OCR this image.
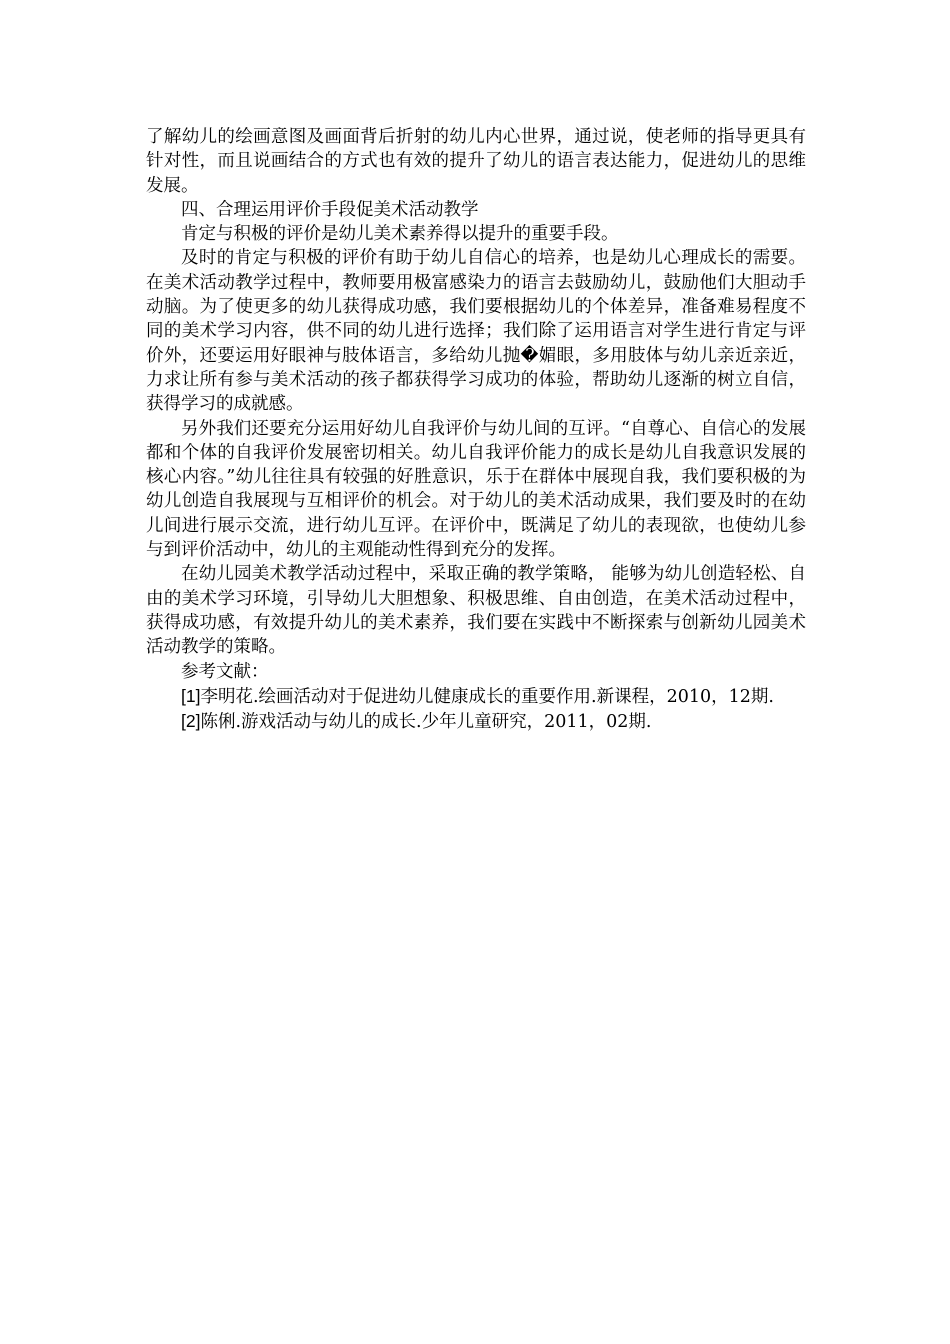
了解幼儿的绘画意图及画面背后折射的幼儿内心世界，通过说，使老师的指导更具有针对性，而且说画结合的方式也有效的提升了幼儿的语言表达能力，促进幼儿的思维发展。

四、合理运用评价手段促美术活动教学

肯定与积极的评价是幼儿美术素养得以提升的重要手段。

及时的肯定与积极的评价有助于幼儿自信心的培养，也是幼儿心理成长的需要。在美术活动教学过程中，教师要用极富感染力的语言去鼓励幼儿，鼓励他们大胆动手动脑。为了使更多的幼儿获得成功感，我们要根据幼儿的个体差异，准备难易程度不同的美术学习内容，供不同的幼儿进行选择；我们除了运用语言对学生进行肯定与评价外，还要运用好眼神与肢体语言，多给幼儿抛�媚眼，多用肢体与幼儿亲近亲近，力求让所有参与美术活动的孩子都获得学习成功的体验，帮助幼儿逐渐的树立自信，获得学习的成就感。

另外我们还要充分运用好幼儿自我评价与幼儿间的互评。“自尊心、自信心的发展都和个体的自我评价发展密切相关。幼儿自我评价能力的成长是幼儿自我意识发展的核心内容。”幼儿往往具有较强的好胜意识，乐于在群体中展现自我，我们要积极的为幼儿创造自我展现与互相评价的机会。对于幼儿的美术活动成果，我们要及时的在幼儿间进行展示交流，进行幼儿互评。在评价中，既满足了幼儿的表现欲，也使幼儿参与到评价活动中，幼儿的主观能动性得到充分的发挥。

在幼儿园美术教学活动过程中，采取正确的教学策略， 能够为幼儿创造轻松、自由的美术学习环境，引导幼儿大胆想象、积极思维、自由创造，在美术活动过程中，获得成功感，有效提升幼儿的美术素养，我们要在实践中不断探索与创新幼儿园美术活动教学的策略。

参考文献：

[1]李明花.绘画活动对于促进幼儿健康成长的重要作用.新课程，2010，12期.

[2]陈俐.游戏活动与幼儿的成长.少年儿童研究，2011，02期.
